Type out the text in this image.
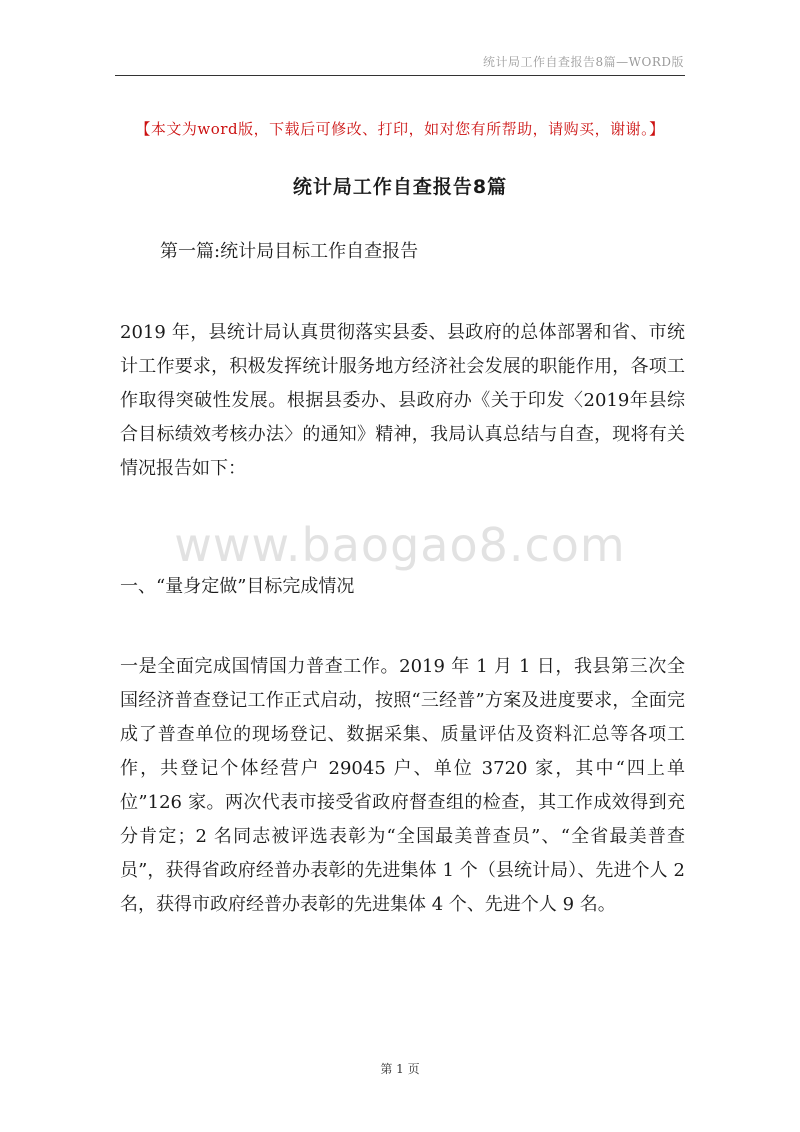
统计局工作自查报告8篇—WORD版
【本文为word版，下载后可修改、打印，如对您有所帮助，请购买，谢谢。】
统计局工作自查报告8篇
第一篇:统计局目标工作自查报告

2019 年，县统计局认真贯彻落实县委、县政府的总体部署和省、市统计工作要求，积极发挥统计服务地方经济社会发展的职能作用，各项工作取得突破性发展。根据县委办、县政府办《关于印发〈2019年县综合目标绩效考核办法〉的通知》精神，我局认真总结与自查，现将有关情况报告如下：

www.baogao8.com
一、“量身定做”目标完成情况

一是全面完成国情国力普查工作。2019 年 1 月 1 日，我县第三次全国经济普查登记工作正式启动，按照“三经普”方案及进度要求，全面完成了普查单位的现场登记、数据采集、质量评估及资料汇总等各项工作，共登记个体经营户 29045 户、单位 3720 家，其中“四上单位”126 家。两次代表市接受省政府督查组的检查，其工作成效得到充分肯定；2 名同志被评选表彰为“全国最美普查员”、“全省最美普查员”，获得省政府经普办表彰的先进集体 1 个（县统计局）、先进个人 2 名，获得市政府经普办表彰的先进集体 4 个、先进个人 9 名。

第 1 页
